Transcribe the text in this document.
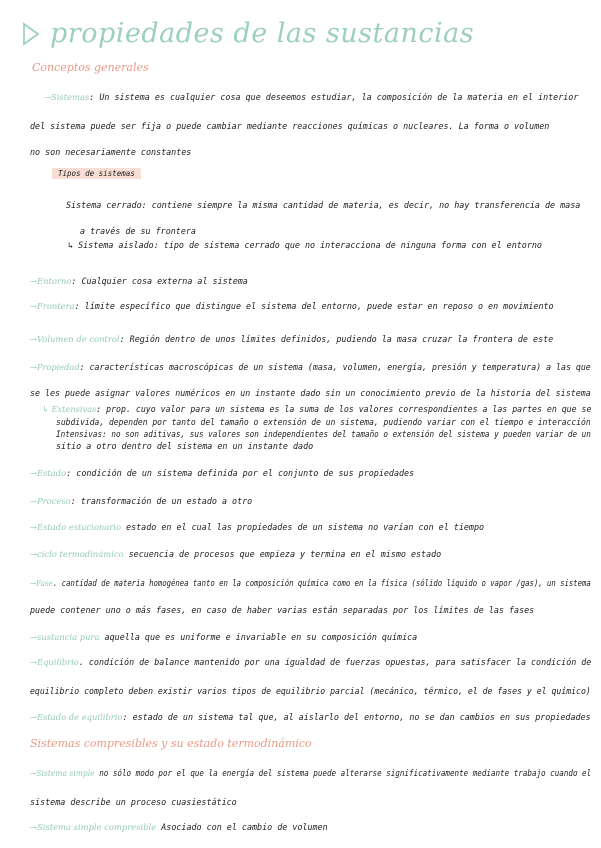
propiedades de las sustancias
Conceptos generales
Tipos de sistemas
Sistemas compresibles y su estado termodinámico
→Sistemas: Un sistema es cualquier cosa que deseemos estudiar, la composición de la materia en el interior
del sistema puede ser fija o puede cambiar mediante reacciones químicas o nucleares. La forma o volumen
no son necesariamente constantes
Sistema cerrado: contiene siempre la misma cantidad de materia, es decir, no hay transferencia de masa
a través de su frontera
↳ Sistema aislado: tipo de sistema cerrado que no interacciona de ninguna forma con el entorno
→Entorno: Cualquier cosa externa al sistema
→Frontera: límite específico que distingue el sistema del entorno, puede estar en reposo o en movimiento
→Volumen de control: Región dentro de unos límites definidos, pudiendo la masa cruzar la frontera de este
→Propiedad: características macroscópicas de un sistema (masa, volumen, energía, presión y temperatura) a las que
se les puede asignar valores numéricos en un instante dado sin un conocimiento previo de la historia del sistema
↳ Extensivas: prop. cuyo valor para un sistema es la suma de los valores correspondientes a las partes en que se
subdivida, dependen por tanto del tamaño o extensión de un sistema, pudiendo variar con el tiempo e interacción
Intensivas: no son aditivas, sus valores son independientes del tamaño o extensión del sistema y pueden variar de un
sitio a otro dentro del sistema en un instante dado
→Estado: condición de un sistema definida por el conjunto de sus propiedades
→Proceso: transformación de un estado a otro
→Estado estacionario estado en el cual las propiedades de un sistema no varían con el tiempo
→ciclo termodinámico secuencia de procesos que empieza y termina en el mismo estado
→Fase. cantidad de materia homogénea tanto en la composición química como en la física (sólido líquido o vapor /gas), un sistema
puede contener uno o más fases, en caso de haber varias están separadas por los límites de las fases
→sustancia pura aquella que es uniforme e invariable en su composición química
→Equilibrio. condición de balance mantenido por una igualdad de fuerzas opuestas, para satisfacer la condición de
equilibrio completo deben existir varios tipos de equilibrio parcial (mecánico, térmico, el de fases y el químico)
→Estado de equilibrio: estado de un sistema tal que, al aislarlo del entorno, no se dan cambios en sus propiedades
→Sistema simple no sólo modo por el que la energía del sistema puede alterarse significativamente mediante trabajo cuando el
sistema describe un proceso cuasiestático
→Sistema simple compresible Asociado con el cambio de volumen
